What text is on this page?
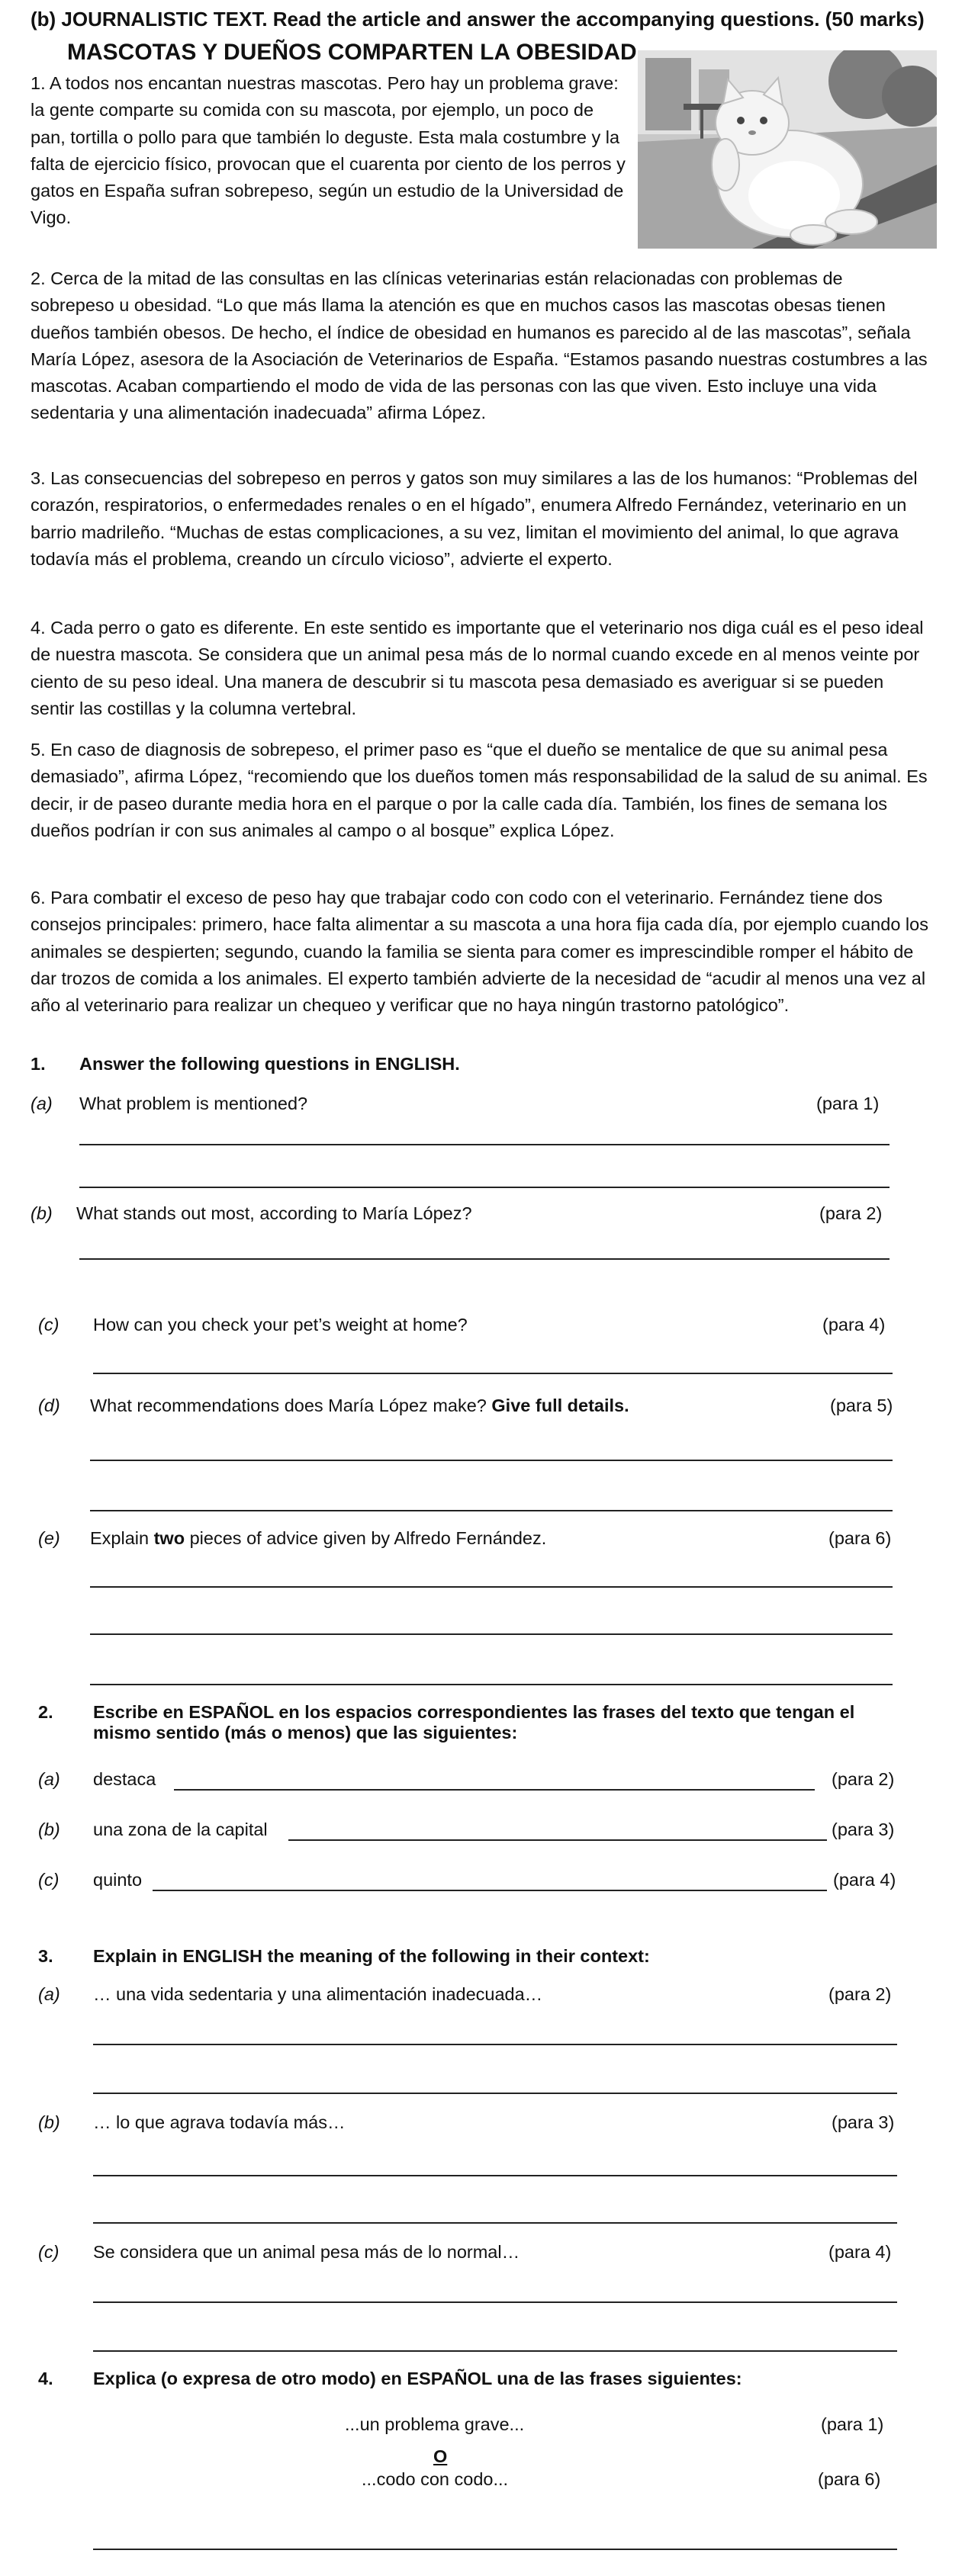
(b) JOURNALISTIC TEXT. Read the article and answer the accompanying questions. (50 marks)
MASCOTAS Y DUEÑOS COMPARTEN LA OBESIDAD
1. A todos nos encantan nuestras mascotas. Pero hay un problema grave: la gente comparte su comida con su mascota, por ejemplo, un poco de pan, tortilla o pollo para que también lo deguste. Esta mala costumbre y la falta de ejercicio físico, provocan que el cuarenta por ciento de los perros y gatos en España sufran sobrepeso, según un estudio de la Universidad de Vigo.
2. Cerca de la mitad de las consultas en las clínicas veterinarias están relacionadas con problemas de sobrepeso u obesidad. “Lo que más llama la atención es que en muchos casos las mascotas obesas tienen dueños también obesos. De hecho, el índice de obesidad en humanos es parecido al de las mascotas”, señala María López, asesora de la Asociación de Veterinarios de España. “Estamos pasando nuestras costumbres a las mascotas. Acaban compartiendo el modo de vida de las personas con las que viven. Esto incluye una vida sedentaria y una alimentación inadecuada” afirma López.
3. Las consecuencias del sobrepeso en perros y gatos son muy similares a las de los humanos: “Problemas del corazón, respiratorios, o enfermedades renales o en el hígado”, enumera Alfredo Fernández, veterinario en un barrio madrileño. “Muchas de estas complicaciones, a su vez, limitan el movimiento del animal, lo que agrava todavía más el problema, creando un círculo vicioso”, advierte el experto.
4. Cada perro o gato es diferente. En este sentido es importante que el veterinario nos diga cuál es el peso ideal de nuestra mascota. Se considera que un animal pesa más de lo normal cuando excede en al menos veinte por ciento de su peso ideal. Una manera de descubrir si tu mascota pesa demasiado es averiguar si se pueden sentir las costillas y la columna vertebral.
5. En caso de diagnosis de sobrepeso, el primer paso es “que el dueño se mentalice de que su animal pesa demasiado”, afirma López, “recomiendo que los dueños tomen más responsabilidad de la salud de su animal. Es decir, ir de paseo durante media hora en el parque o por la calle cada día. También, los fines de semana los dueños podrían ir con sus animales al campo o al bosque” explica López.
6. Para combatir el exceso de peso hay que trabajar codo con codo con el veterinario. Fernández tiene dos consejos principales: primero, hace falta alimentar a su mascota a una hora fija cada día, por ejemplo cuando los animales se despierten; segundo, cuando la familia se sienta para comer es imprescindible romper el hábito de dar trozos de comida a los animales. El experto también advierte de la necesidad de “acudir al menos una vez al año al veterinario para realizar un chequeo y verificar que no haya ningún trastorno patológico”.
1. Answer the following questions in ENGLISH.
(a) What problem is mentioned?	(para 1)
(b) What stands out most, according to María López?	(para 2)
(c) How can you check your pet’s weight at home?	(para 4)
(d) What recommendations does María López make? Give full details.	(para 5)
(e) Explain two pieces of advice given by Alfredo Fernández.	(para 6)
2. Escribe en ESPAÑOL en los espacios correspondientes las frases del texto que tengan el
mismo sentido (más o menos) que las siguientes:
(a) destaca	(para 2)
(b) una zona de la capital	(para 3)
(c) quinto	(para 4)
3. Explain in ENGLISH the meaning of the following in their context:
(a) … una vida sedentaria y una alimentación inadecuada…	(para 2)
(b) … lo que agrava todavía más…	(para 3)
(c) Se considera que un animal pesa más de lo normal…	(para 4)
4. Explica (o expresa de otro modo) en ESPAÑOL una de las frases siguientes:
...un problema grave...	(para 1)
O
...codo con codo...	(para 6)
